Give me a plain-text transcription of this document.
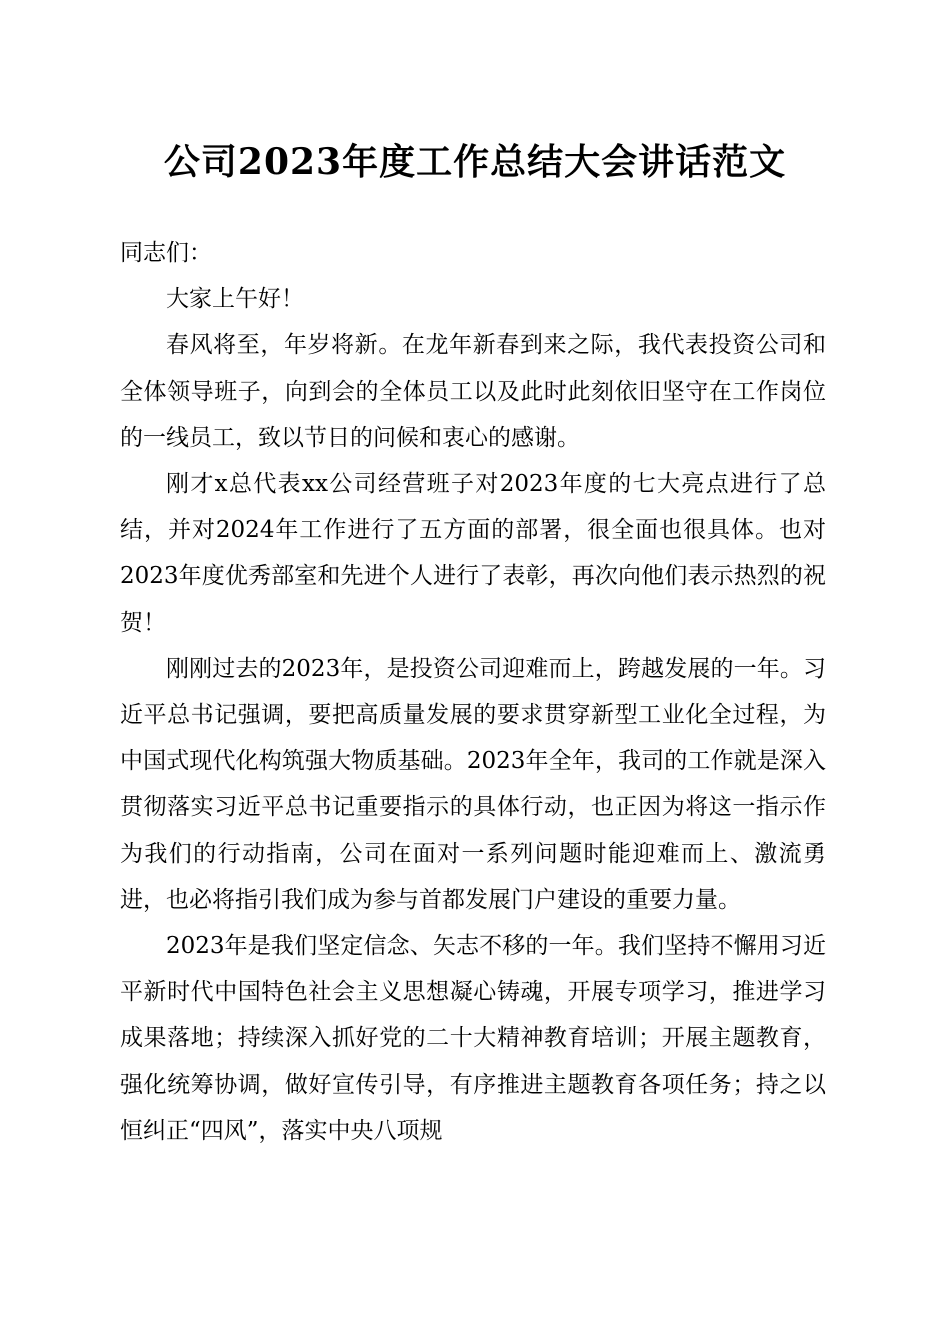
公司2023年度工作总结大会讲话范文

同志们：

大家上午好！

春风将至，年岁将新。在龙年新春到来之际，我代表投资公司和全体领导班子，向到会的全体员工以及此时此刻依旧坚守在工作岗位的一线员工，致以节日的问候和衷心的感谢。

刚才x总代表xx公司经营班子对2023年度的七大亮点进行了总结，并对2024年工作进行了五方面的部署，很全面也很具体。也对2023年度优秀部室和先进个人进行了表彰，再次向他们表示热烈的祝贺！

刚刚过去的2023年，是投资公司迎难而上，跨越发展的一年。习近平总书记强调，要把高质量发展的要求贯穿新型工业化全过程，为中国式现代化构筑强大物质基础。2023年全年，我司的工作就是深入贯彻落实习近平总书记重要指示的具体行动，也正因为将这一指示作为我们的行动指南，公司在面对一系列问题时能迎难而上、激流勇进，也必将指引我们成为参与首都发展门户建设的重要力量。

2023年是我们坚定信念、矢志不移的一年。我们坚持不懈用习近平新时代中国特色社会主义思想凝心铸魂，开展专项学习，推进学习成果落地；持续深入抓好党的二十大精神教育培训；开展主题教育，强化统筹协调，做好宣传引导，有序推进主题教育各项任务；持之以恒纠正“四风”，落实中央八项规
